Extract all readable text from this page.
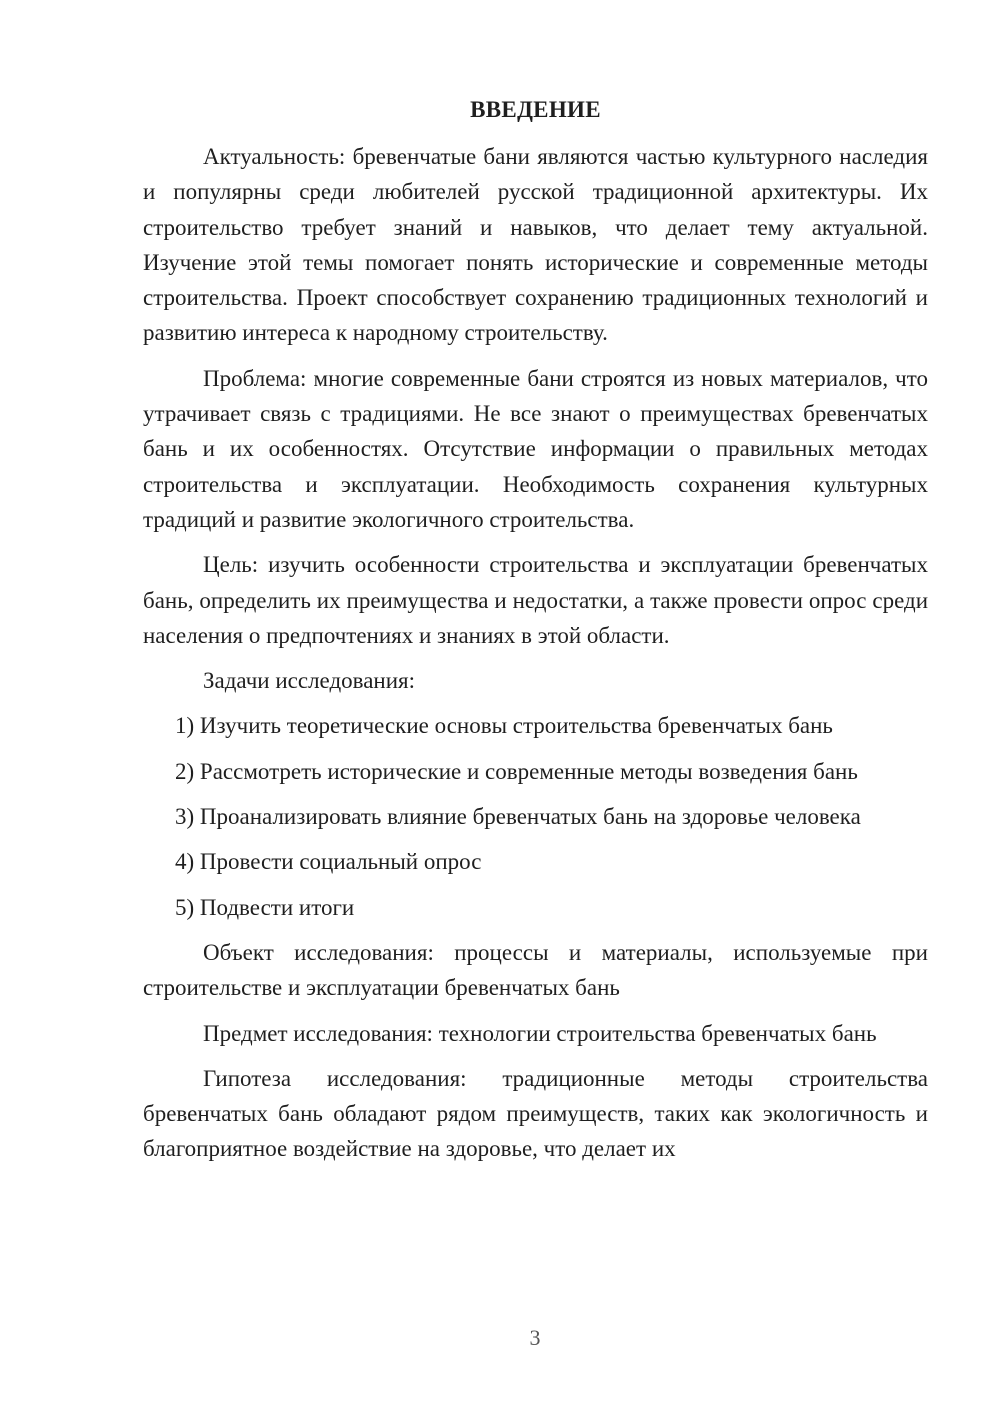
ВВЕДЕНИЕ

Актуальность: бревенчатые бани являются частью культурного наследия и популярны среди любителей русской традиционной архитектуры. Их строительство требует знаний и навыков, что делает тему актуальной. Изучение этой темы помогает понять исторические и современные методы строительства. Проект способствует сохранению традиционных технологий и развитию интереса к народному строительству.

Проблема: многие современные бани строятся из новых материалов, что утрачивает связь с традициями. Не все знают о преимуществах бревенчатых бань и их особенностях. Отсутствие информации о правильных методах строительства и эксплуатации. Необходимость сохранения культурных традиций и развитие экологичного строительства.

Цель: изучить особенности строительства и эксплуатации бревенчатых бань, определить их преимущества и недостатки, а также провести опрос среди населения о предпочтениях и знаниях в этой области.

Задачи исследования:

1) Изучить теоретические основы строительства бревенчатых бань
2) Рассмотреть исторические и современные методы возведения бань
3) Проанализировать влияние бревенчатых бань на здоровье человека
4) Провести социальный опрос
5) Подвести итоги

Объект исследования: процессы и материалы, используемые при строительстве и эксплуатации бревенчатых бань

Предмет исследования: технологии строительства бревенчатых бань

Гипотеза исследования: традиционные методы строительства бревенчатых бань обладают рядом преимуществ, таких как экологичность и благоприятное воздействие на здоровье, что делает их

3
